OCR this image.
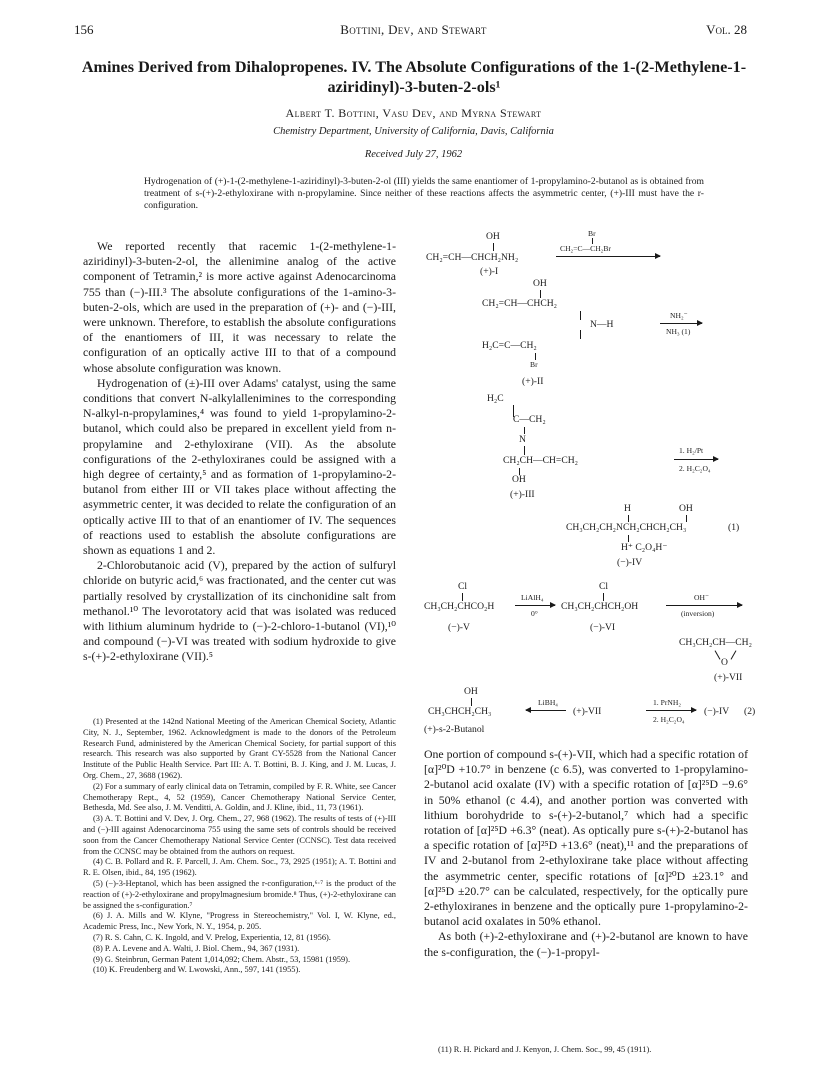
156	Bottini, Dev, and Stewart	Vol. 28
Amines Derived from Dihalopropenes. IV. The Absolute Configurations of the 1-(2-Methylene-1-aziridinyl)-3-buten-2-ols¹
Albert T. Bottini, Vasu Dev, and Myrna Stewart
Chemistry Department, University of California, Davis, California
Received July 27, 1962
Hydrogenation of (+)-1-(2-methylene-1-aziridinyl)-3-buten-2-ol (III) yields the same enantiomer of 1-propylamino-2-butanol as is obtained from treatment of s-(+)-2-ethyloxirane with n-propylamine. Since neither of these reactions affects the asymmetric center, (+)-III must have the r-configuration.

We reported recently that racemic 1-(2-methylene-1-aziridinyl)-3-buten-2-ol, the allenimine analog of the active component of Tetramin,² is more active against Adenocarcinoma 755 than (−)-III.³ The absolute configurations of the 1-amino-3-buten-2-ols, which are used in the preparation of (+)- and (−)-III, were unknown. Therefore, to establish the absolute configurations of the enantiomers of III, it was necessary to relate the configuration of an optically active III to that of a compound whose absolute configuration was known.

Hydrogenation of (±)-III over Adams' catalyst, using the same conditions that convert N-alkylallenimines to the corresponding N-alkyl-n-propylamines,⁴ was found to yield 1-propylamino-2-butanol, which could also be prepared in excellent yield from n-propylamine and 2-ethyloxirane (VII). As the absolute configurations of the 2-ethyloxiranes could be assigned with a high degree of certainty,⁵ and as formation of 1-propylamino-2-butanol from either III or VII takes place without affecting the asymmetric center, it was decided to relate the configuration of an optically active III to that of an enantiomer of IV. The sequences of reactions used to establish the absolute configurations are shown as equations 1 and 2.

2-Chlorobutanoic acid (V), prepared by the action of sulfuryl chloride on butyric acid,⁶ was fractionated, and the center cut was partially resolved by crystallization of its cinchonidine salt from methanol.¹⁰ The levorotatory acid that was isolated was reduced with lithium aluminum hydride to (−)-2-chloro-1-butanol (VI),¹⁰ and compound (−)-VI was treated with sodium hydroxide to give s-(+)-2-ethyloxirane (VII).⁵

(1) Presented at the 142nd National Meeting of the American Chemical Society, Atlantic City, N. J., September, 1962. Acknowledgment is made to the donors of the Petroleum Research Fund, administered by the American Chemical Society, for partial support of this research. This research was also supported by Grant CY-5528 from the National Cancer Institute of the Public Health Service. Part III: A. T. Bottini, B. J. King, and J. M. Lucas, J. Org. Chem., 27, 3688 (1962).

(2) For a summary of early clinical data on Tetramin, compiled by F. R. White, see Cancer Chemotherapy Rept., 4, 52 (1959), Cancer Chemotherapy National Service Center, Bethesda, Md. See also, J. M. Venditti, A. Goldin, and J. Kline, ibid., 11, 73 (1961).

(3) A. T. Bottini and V. Dev, J. Org. Chem., 27, 968 (1962). The results of tests of (+)-III and (−)-III against Adenocarcinoma 755 using the same sets of controls should be received soon from the Cancer Chemotherapy National Service Center (CCNSC). Test data received from the CCNSC may be obtained from the authors on request.

(4) C. B. Pollard and R. F. Parcell, J. Am. Chem. Soc., 73, 2925 (1951); A. T. Bottini and R. E. Olsen, ibid., 84, 195 (1962).

(5) (−)-3-Heptanol, which has been assigned the r-configuration,⁶·⁷ is the product of the reaction of (+)-2-ethyloxirane and propylmagnesium bromide.⁸ Thus, (+)-2-ethyloxirane can be assigned the s-configuration.⁷

(6) J. A. Mills and W. Klyne, "Progress in Stereochemistry," Vol. I, W. Klyne, ed., Academic Press, Inc., New York, N. Y., 1954, p. 205.

(7) R. S. Cahn, C. K. Ingold, and V. Prelog, Experientia, 12, 81 (1956).

(8) P. A. Levene and A. Walti, J. Biol. Chem., 94, 367 (1931).

(9) G. Steinbrun, German Patent 1,014,092; Chem. Abstr., 53, 15981 (1959).

(10) K. Freudenberg and W. Lwowski, Ann., 597, 141 (1955).

One portion of compound s-(+)-VII, which had a specific rotation of [α]²⁰D +10.7° in benzene (c 6.5), was converted to 1-propylamino-2-butanol acid oxalate (IV) with a specific rotation of [α]²⁵D −9.6° in 50% ethanol (c 4.4), and another portion was converted with lithium borohydride to s-(+)-2-butanol,⁷ which had a specific rotation of [α]²⁵D +6.3° (neat). As optically pure s-(+)-2-butanol has a specific rotation of [α]²⁵D +13.6° (neat),¹¹ and the preparations of IV and 2-butanol from 2-ethyloxirane take place without affecting the asymmetric center, specific rotations of [α]²⁰D ±23.1° and [α]²⁵D ±20.7° can be calculated, respectively, for the optically pure 2-ethyloxiranes in benzene and the optically pure 1-propylamino-2-butanol acid oxalates in 50% ethanol.

As both (+)-2-ethyloxirane and (+)-2-butanol are known to have the s-configuration, the (−)-1-propyl-

(11) R. H. Pickard and J. Kenyon, J. Chem. Soc., 99, 45 (1911).
OH
CH₂=CH—CHCH₂NH₂
(+)-I
Br
CH₂=C—CH₂Br
OH
CH₂=CH—CHCH₂
N—H
H₂C=C—CH₂
Br
(+)-II
NH₂⁻
NH₃ (1)
H₂C
C—CH₂
N
CH₂CH—CH=CH₂
OH
(+)-III
1. H₂/Pt
2. H₂C₂O₄
H	OH
CH₃CH₂CH₂NCH₂CHCH₂CH₃	(1)
H⁺ C₂O₄H⁻
(−)-IV
Cl
CH₃CH₂CHCO₂H
(−)-V
LiAlH₄
0°
Cl
CH₃CH₂CHCH₂OH
(−)-VI
OH⁻
(inversion)
CH₃CH₂CH—CH₂
O
(+)-VII
OH
CH₃CHCH₂CH₃
LiBH₄
(+)-VII
1. PrNH₂
2. H₂C₂O₄
(−)-IV (2)
(+)-s-2-Butanol
